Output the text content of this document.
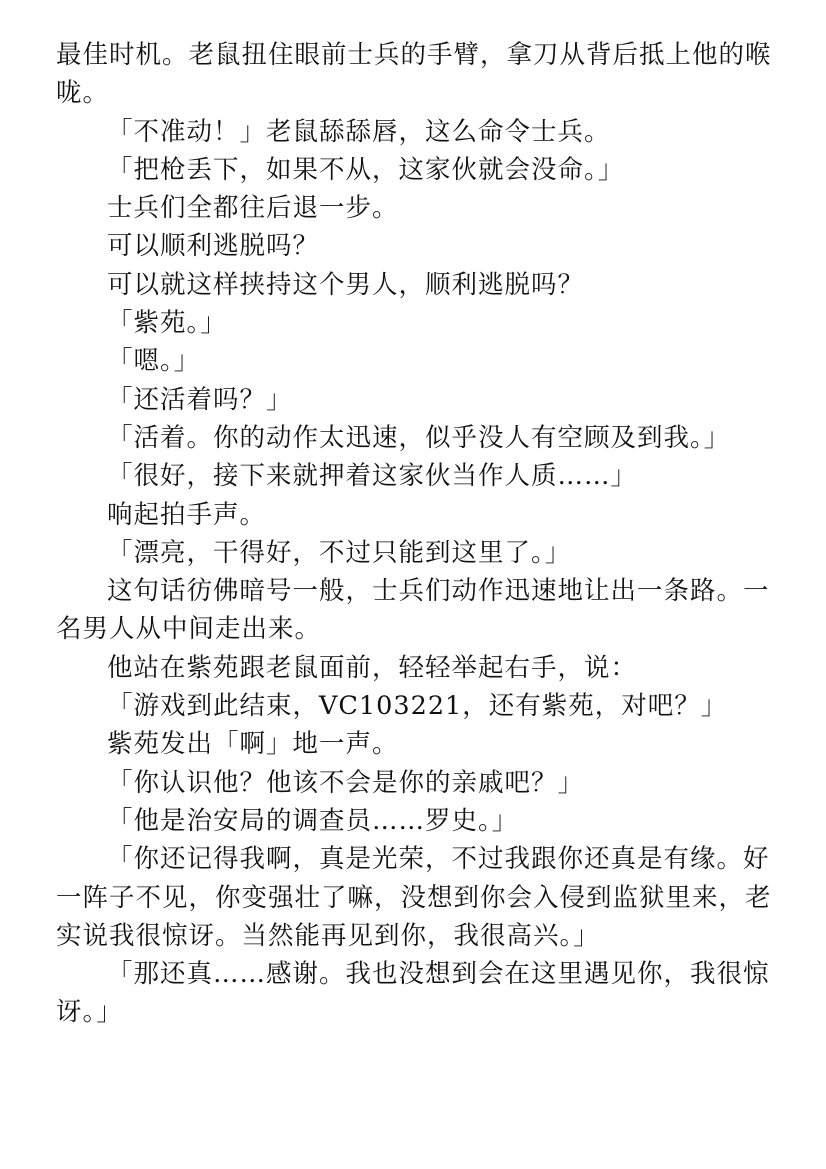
最佳时机。老鼠扭住眼前士兵的手臂，拿刀从背后抵上他的喉咙。

「不准动！」老鼠舔舔唇，这么命令士兵。

「把枪丢下，如果不从，这家伙就会没命。」

士兵们全都往后退一步。

可以顺利逃脱吗？

可以就这样挟持这个男人，顺利逃脱吗？

「紫苑。」

「嗯。」

「还活着吗？」

「活着。你的动作太迅速，似乎没人有空顾及到我。」

「很好，接下来就押着这家伙当作人质……」

响起拍手声。

「漂亮，干得好，不过只能到这里了。」

这句话彷佛暗号一般，士兵们动作迅速地让出一条路。一名男人从中间走出来。

他站在紫苑跟老鼠面前，轻轻举起右手，说：

「游戏到此结束，VC103221，还有紫苑，对吧？」

紫苑发出「啊」地一声。

「你认识他？他该不会是你的亲戚吧？」

「他是治安局的调查员……罗史。」

「你还记得我啊，真是光荣，不过我跟你还真是有缘。好一阵子不见，你变强壮了嘛，没想到你会入侵到监狱里来，老实说我很惊讶。当然能再见到你，我很高兴。」

「那还真……感谢。我也没想到会在这里遇见你，我很惊讶。」
